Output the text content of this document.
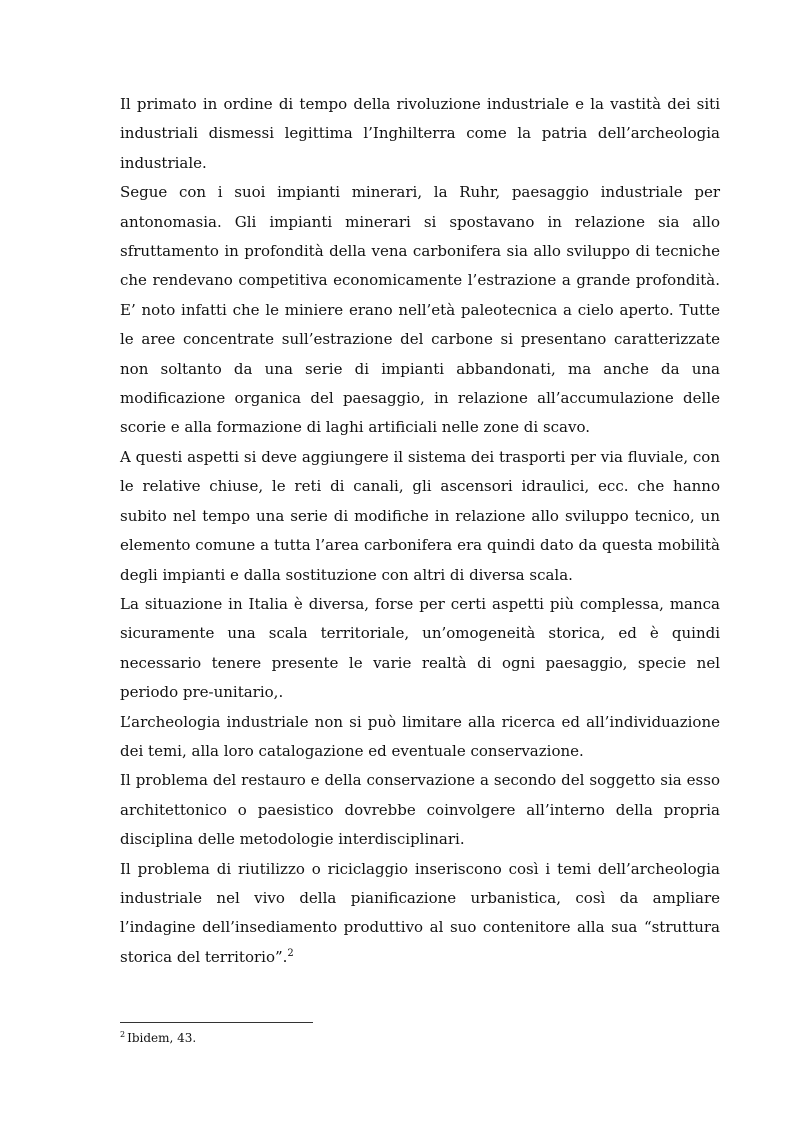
Il primato in ordine di tempo della rivoluzione industriale e la vastità dei siti industriali dismessi legittima l’Inghilterra come la patria dell’archeologia industriale.

Segue con i suoi impianti minerari, la Ruhr, paesaggio industriale per antonomasia. Gli impianti minerari si spostavano in relazione sia allo sfruttamento in profondità della vena carbonifera sia allo sviluppo di tecniche che rendevano competitiva economicamente l’estrazione a grande profondità. E’ noto infatti che le miniere erano nell’età paleotecnica a cielo aperto. Tutte le aree concentrate sull’estrazione del carbone si presentano caratterizzate non soltanto da una serie di impianti abbandonati, ma anche da una modificazione organica del paesaggio, in relazione all’accumulazione delle scorie e alla formazione di laghi artificiali nelle zone di scavo.

A questi aspetti si deve aggiungere il sistema dei trasporti per via fluviale, con le relative chiuse, le reti di canali, gli ascensori idraulici, ecc. che hanno subito nel tempo una serie di modifiche in relazione allo sviluppo tecnico, un elemento comune a tutta l’area carbonifera era quindi dato da questa mobilità degli impianti e dalla sostituzione con altri di diversa scala.

La situazione in Italia è diversa, forse per certi aspetti più complessa, manca sicuramente una scala territoriale, un’omogeneità storica, ed è quindi necessario tenere presente le varie realtà di ogni paesaggio, specie nel periodo pre-unitario,.

L’archeologia industriale non si può limitare alla ricerca ed all’individuazione dei temi, alla loro catalogazione ed eventuale conservazione.

Il problema del restauro e della conservazione a secondo del soggetto sia esso architettonico o paesistico dovrebbe coinvolgere all’interno della propria disciplina delle metodologie interdisciplinari.

Il problema di riutilizzo o riciclaggio inseriscono così i temi dell’archeologia industriale nel vivo della pianificazione urbanistica, così da ampliare l’indagine dell’insediamento produttivo al suo contenitore alla sua “struttura storica del territorio”.$^2$

$^2$ Ibidem, 43.
